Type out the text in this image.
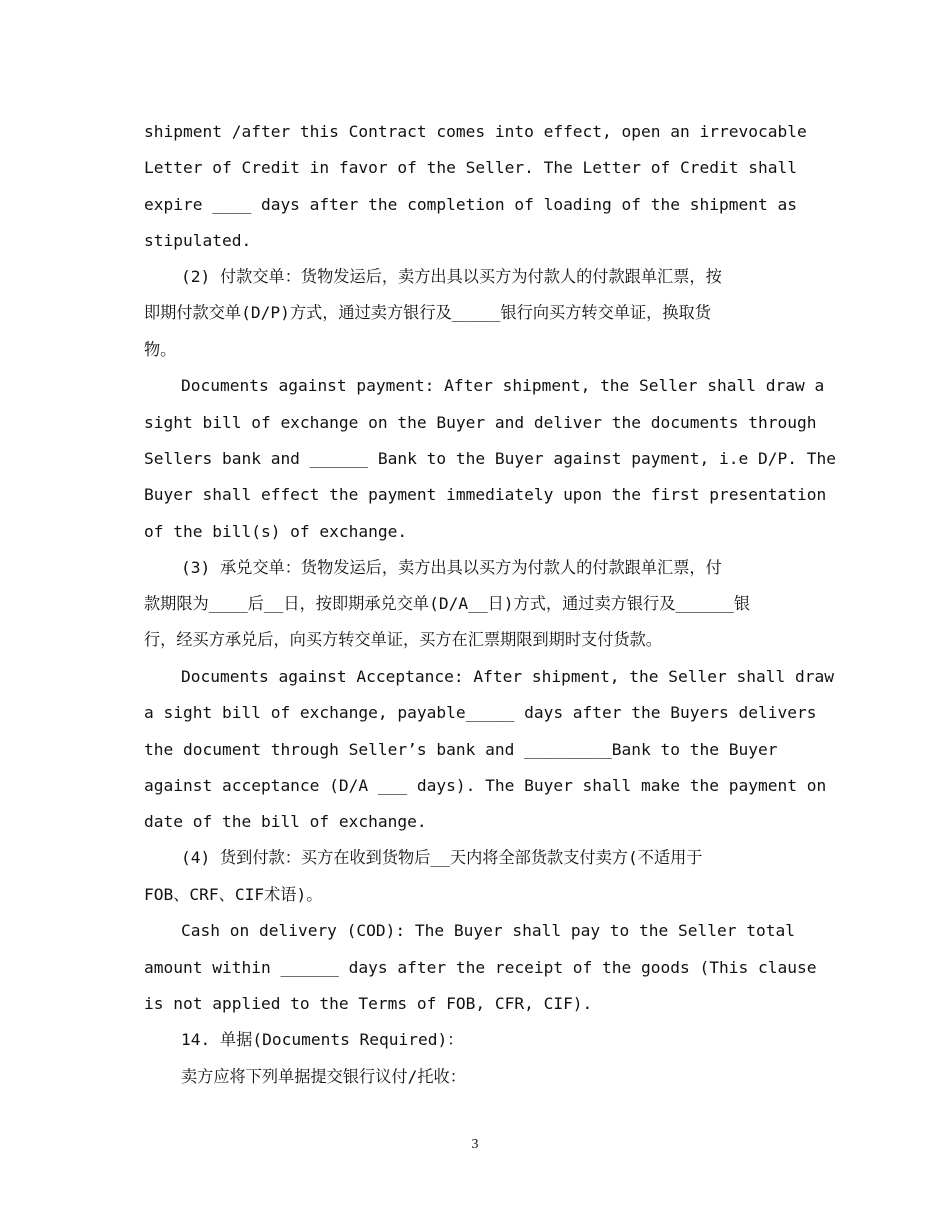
shipment /after this Contract comes into effect, open an irrevocable
Letter of Credit in favor of the Seller. The Letter of Credit shall
expire ____ days after the completion of loading of the shipment as
stipulated.
(2) 付款交单：货物发运后，卖方出具以买方为付款人的付款跟单汇票，按
即期付款交单(D/P)方式，通过卖方银行及_____银行向买方转交单证，换取货
物。
Documents against payment: After shipment, the Seller shall draw a
sight bill of exchange on the Buyer and deliver the documents through
Sellers bank and ______ Bank to the Buyer against payment, i.e D/P. The
Buyer shall effect the payment immediately upon the first presentation
of the bill(s) of exchange.
(3) 承兑交单：货物发运后，卖方出具以买方为付款人的付款跟单汇票，付
款期限为____后__日，按即期承兑交单(D/A__日)方式，通过卖方银行及______银
行，经买方承兑后，向买方转交单证，买方在汇票期限到期时支付货款。
Documents against Acceptance: After shipment, the Seller shall draw
a sight bill of exchange, payable_____ days after the Buyers delivers
the document through Seller’s bank and _________Bank to the Buyer
against acceptance (D/A ___ days). The Buyer shall make the payment on
date of the bill of exchange.
(4) 货到付款：买方在收到货物后__天内将全部货款支付卖方(不适用于
FOB、CRF、CIF术语)。
Cash on delivery (COD): The Buyer shall pay to the Seller total
amount within ______ days after the receipt of the goods (This clause
is not applied to the Terms of FOB, CFR, CIF).
14. 单据(Documents Required)：
卖方应将下列单据提交银行议付/托收：
3
